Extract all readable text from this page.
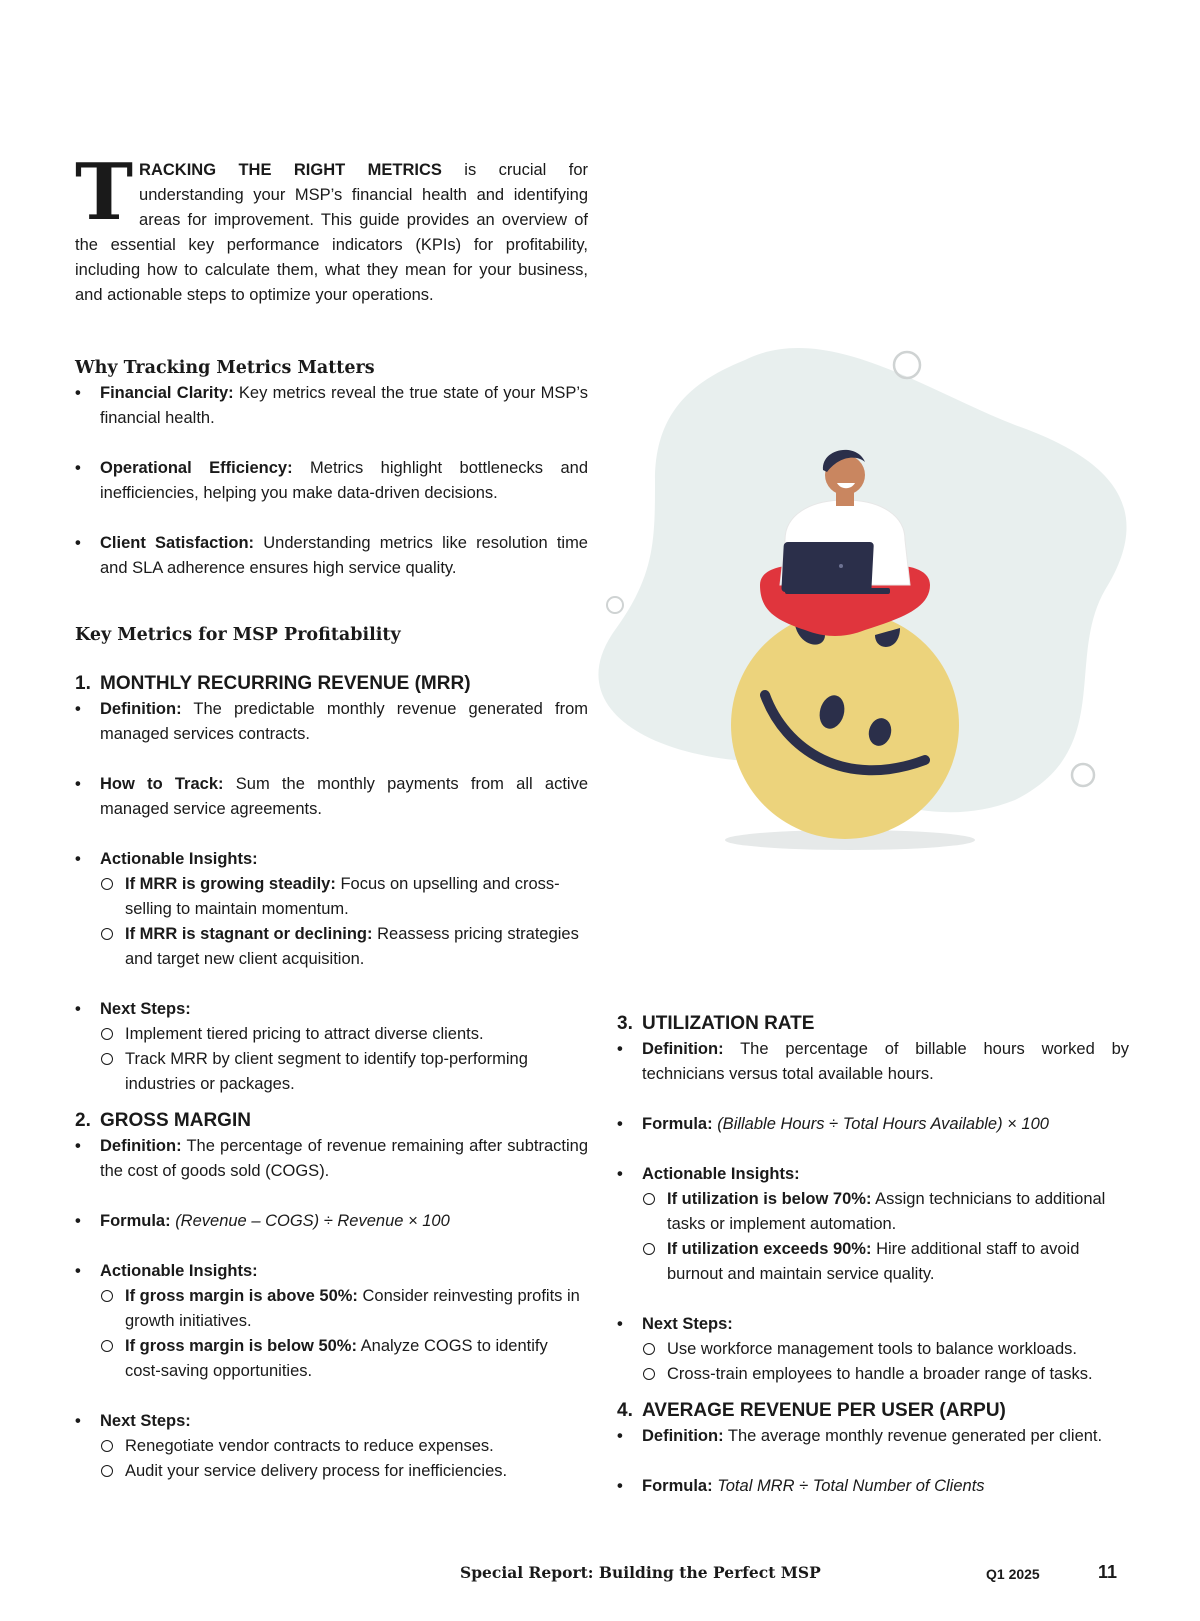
TRACKING THE RIGHT METRICS is crucial for understanding your MSP’s financial health and identifying areas for improvement. This guide provides an overview of the essential key performance indicators (KPIs) for profitability, including how to calculate them, what they mean for your business, and actionable steps to optimize your operations.

Why Tracking Metrics Matters
• Financial Clarity: Key metrics reveal the true state of your MSP’s financial health.
• Operational Efficiency: Metrics highlight bottlenecks and inefficiencies, helping you make data-driven decisions.
• Client Satisfaction: Understanding metrics like resolution time and SLA adherence ensures high service quality.
Key Metrics for MSP Profitability
1. MONTHLY RECURRING REVENUE (MRR)
• Definition: The predictable monthly revenue generated from managed services contracts.
• How to Track: Sum the monthly payments from all active managed service agreements.
• Actionable Insights:
If MRR is growing steadily: Focus on upselling and cross-selling to maintain momentum.
If MRR is stagnant or declining: Reassess pricing strategies and target new client acquisition.
• Next Steps:
Implement tiered pricing to attract diverse clients.
Track MRR by client segment to identify top-performing industries or packages.
2. GROSS MARGIN
• Definition: The percentage of revenue remaining after subtracting the cost of goods sold (COGS).
• Formula: (Revenue – COGS) ÷ Revenue × 100
• Actionable Insights:
If gross margin is above 50%: Consider reinvesting profits in growth initiatives.
If gross margin is below 50%: Analyze COGS to identify cost-saving opportunities.
• Next Steps:
Renegotiate vendor contracts to reduce expenses.
Audit your service delivery process for inefficiencies.
3. UTILIZATION RATE
• Definition: The percentage of billable hours worked by technicians versus total available hours.
• Formula: (Billable Hours ÷ Total Hours Available) × 100
• Actionable Insights:
If utilization is below 70%: Assign technicians to additional tasks or implement automation.
If utilization exceeds 90%: Hire additional staff to avoid burnout and maintain service quality.
• Next Steps:
Use workforce management tools to balance workloads.
Cross-train employees to handle a broader range of tasks.
4. AVERAGE REVENUE PER USER (ARPU)
• Definition: The average monthly revenue generated per client.
• Formula: Total MRR ÷ Total Number of Clients
Special Report: Building the Perfect MSP	Q1 2025	11
